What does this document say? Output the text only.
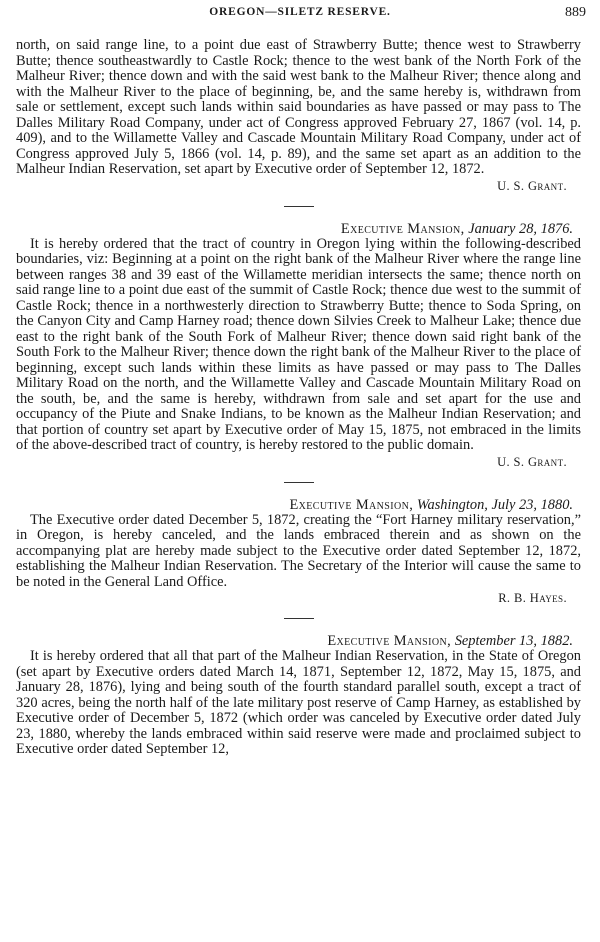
OREGON—SILETZ RESERVE.	889

north, on said range line, to a point due east of Strawberry Butte; thence west to Strawberry Butte; thence southeastwardly to Castle Rock; thence to the west bank of the North Fork of the Malheur River; thence down and with the said west bank to the Malheur River; thence along and with the Malheur River to the place of beginning, be, and the same hereby is, withdrawn from sale or settlement, except such lands within said boundaries as have passed or may pass to The Dalles Military Road Company, under act of Congress approved February 27, 1867 (vol. 14, p. 409), and to the Willamette Valley and Cascade Mountain Military Road Company, under act of Congress approved July 5, 1866 (vol. 14, p. 89), and the same set apart as an addition to the Malheur Indian Reservation, set apart by Executive order of September 12, 1872.

U. S. Grant.

Executive Mansion, January 28, 1876.

It is hereby ordered that the tract of country in Oregon lying within the following-described boundaries, viz: Beginning at a point on the right bank of the Malheur River where the range line between ranges 38 and 39 east of the Willamette meridian intersects the same; thence north on said range line to a point due east of the summit of Castle Rock; thence due west to the summit of Castle Rock; thence in a northwesterly direction to Strawberry Butte; thence to Soda Spring, on the Canyon City and Camp Harney road; thence down Silvies Creek to Malheur Lake; thence due east to the right bank of the South Fork of Malheur River; thence down said right bank of the South Fork to the Malheur River; thence down the right bank of the Malheur River to the place of beginning, except such lands within these limits as have passed or may pass to The Dalles Military Road on the north, and the Willamette Valley and Cascade Mountain Military Road on the south, be, and the same is hereby, withdrawn from sale and set apart for the use and occupancy of the Piute and Snake Indians, to be known as the Malheur Indian Reservation; and that portion of country set apart by Executive order of May 15, 1875, not embraced in the limits of the above-described tract of country, is hereby restored to the public domain.

U. S. Grant.

Executive Mansion, Washington, July 23, 1880.

The Executive order dated December 5, 1872, creating the “Fort Harney military reservation,” in Oregon, is hereby canceled, and the lands embraced therein and as shown on the accompanying plat are hereby made subject to the Executive order dated September 12, 1872, establishing the Malheur Indian Reservation. The Secretary of the Interior will cause the same to be noted in the General Land Office.

R. B. Hayes.

Executive Mansion, September 13, 1882.

It is hereby ordered that all that part of the Malheur Indian Reservation, in the State of Oregon (set apart by Executive orders dated March 14, 1871, September 12, 1872, May 15, 1875, and January 28, 1876), lying and being south of the fourth standard parallel south, except a tract of 320 acres, being the north half of the late military post reserve of Camp Harney, as established by Executive order of December 5, 1872 (which order was canceled by Executive order dated July 23, 1880, whereby the lands embraced within said reserve were made and proclaimed subject to Executive order dated September 12,
